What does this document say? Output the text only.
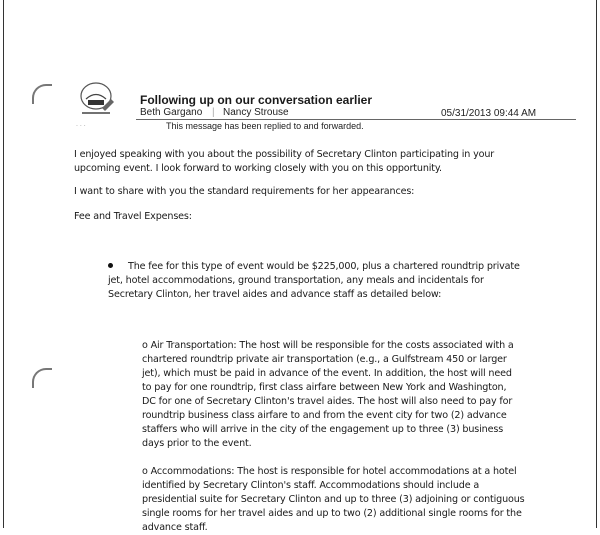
Following up on our conversation earlier
Beth Gargano | Nancy Strouse	05/31/2013 09:44 AM
. . .	This message has been replied to and forwarded.

I enjoyed speaking with you about the possibility of Secretary Clinton participating in your upcoming event. I look forward to working closely with you on this opportunity.

I want to share with you the standard requirements for her appearances:

Fee and Travel Expenses:

The fee for this type of event would be $225,000, plus a chartered roundtrip private jet, hotel accommodations, ground transportation, any meals and incidentals for Secretary Clinton, her travel aides and advance staff as detailed below:

o Air Transportation: The host will be responsible for the costs associated with a chartered roundtrip private air transportation (e.g., a Gulfstream 450 or larger jet), which must be paid in advance of the event. In addition, the host will need to pay for one roundtrip, first class airfare between New York and Washington, DC for one of Secretary Clinton's travel aides. The host will also need to pay for roundtrip business class airfare to and from the event city for two (2) advance staffers who will arrive in the city of the engagement up to three (3) business days prior to the event.

o Accommodations: The host is responsible for hotel accommodations at a hotel identified by Secretary Clinton's staff. Accommodations should include a presidential suite for Secretary Clinton and up to three (3) adjoining or contiguous single rooms for her travel aides and up to two (2) additional single rooms for the advance staff.
